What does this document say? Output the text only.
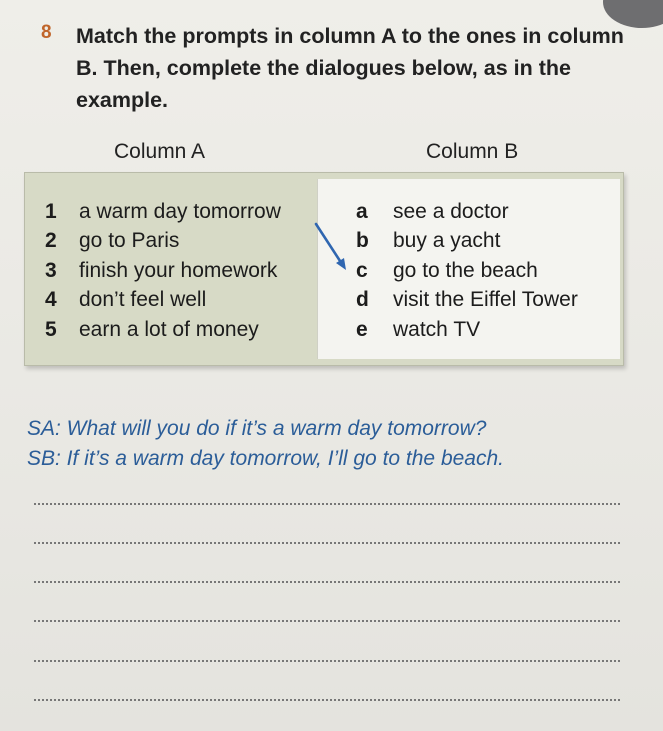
8 Match the prompts in column A to the ones in column B. Then, complete the dialogues below, as in the example.
Column A	Column B
1 a warm day tomorrow
2 go to Paris
3 finish your homework
4 don’t feel well
5 earn a lot of money
a see a doctor
b buy a yacht
c go to the beach
d visit the Eiffel Tower
e watch TV
SA: What will you do if it’s a warm day tomorrow?
SB: If it’s a warm day tomorrow, I’ll go to the beach.
